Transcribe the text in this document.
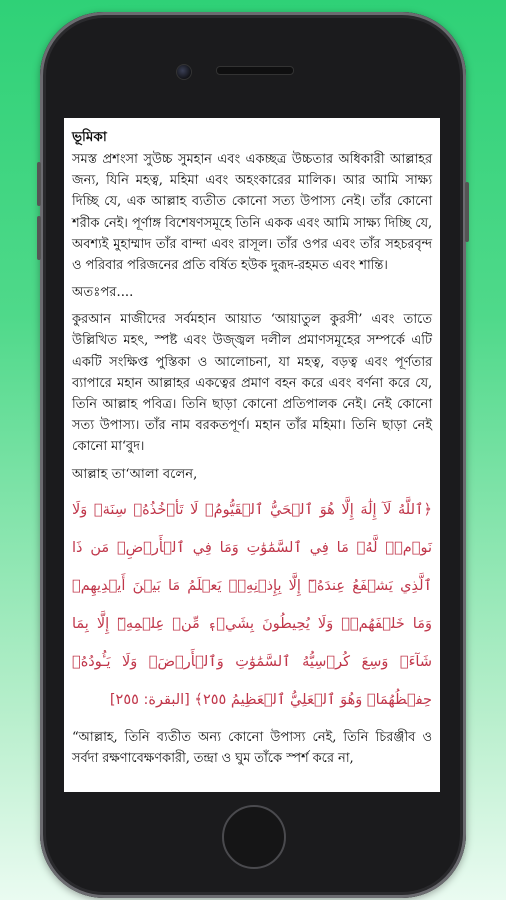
ভূমিকা

সমস্ত প্রশংসা সুউচ্চ সুমহান এবং একচ্ছত্র উচ্চতার অধিকারী আল্লাহর জন্য, যিনি মহত্ব, মহিমা এবং অহংকারের মালিক। আর আমি সাক্ষ্য দিচ্ছি যে, এক আল্লাহ ব্যতীত কোনো সত্য উপাস্য নেই। তাঁর কোনো শরীক নেই। পূর্ণাঙ্গ বিশেষণসমূহে তিনি একক এবং আমি সাক্ষ্য দিচ্ছি যে, অবশ্যই মুহাম্মাদ তাঁর বান্দা এবং রাসূল। তাঁর ওপর এবং তাঁর সহচরবৃন্দ ও পরিবার পরিজনের প্রতি বর্ষিত হউক দুরূদ-রহমত এবং শান্তি।

অতঃপর....

কুরআন মাজীদের সর্বমহান আয়াত ‘আয়াতুল কুরসী’ এবং তাতে উল্লিখিত মহৎ, স্পষ্ট এবং উজ্জ্বল দলীল প্রমাণসমূহের সম্পর্কে এটি একটি সংক্ষিপ্ত পুস্তিকা ও আলোচনা, যা মহত্ব, বড়ত্ব এবং পূর্ণতার ব্যাপারে মহান আল্লাহর একত্বের প্রমাণ বহন করে এবং বর্ণনা করে যে, তিনি আল্লাহ পবিত্র। তিনি ছাড়া কোনো প্রতিপালক নেই। নেই কোনো সত্য উপাস্য। তাঁর নাম বরকতপূর্ণ। মহান তাঁর মহিমা। তিনি ছাড়া নেই কোনো মা‘বুদ।

আল্লাহ তা‘আলা বলেন,

﴿ٱللَّهُ لَآ إِلَٰهَ إِلَّا هُوَ ٱلۡحَيُّ ٱلۡقَيُّومُۚ لَا تَأۡخُذُهُۥ سِنَةٞ وَلَا نَوۡمٞۚ لَّهُۥ مَا فِي ٱلسَّمَٰوَٰتِ وَمَا فِي ٱلۡأَرۡضِۗ مَن ذَا ٱلَّذِي يَشۡفَعُ عِندَهُۥٓ إِلَّا بِإِذۡنِهِۦۚ يَعۡلَمُ مَا بَيۡنَ أَيۡدِيهِمۡ وَمَا خَلۡفَهُمۡۖ وَلَا يُحِيطُونَ بِشَيۡءٖ مِّنۡ عِلۡمِهِۦٓ إِلَّا بِمَا شَآءَۚ وَسِعَ كُرۡسِيُّهُ ٱلسَّمَٰوَٰتِ وَٱلۡأَرۡضَۖ وَلَا يَـُٔودُهُۥ حِفۡظُهُمَاۚ وَهُوَ ٱلۡعَلِيُّ ٱلۡعَظِيمُ ٢٥٥﴾ [البقرة: ٢٥٥]

“আল্লাহ, তিনি ব্যতীত অন্য কোনো উপাস্য নেই, তিনি চিরঞ্জীব ও সর্বদা রক্ষণাবেক্ষণকারী, তন্দ্রা ও ঘুম তাঁকে স্পর্শ করে না,
